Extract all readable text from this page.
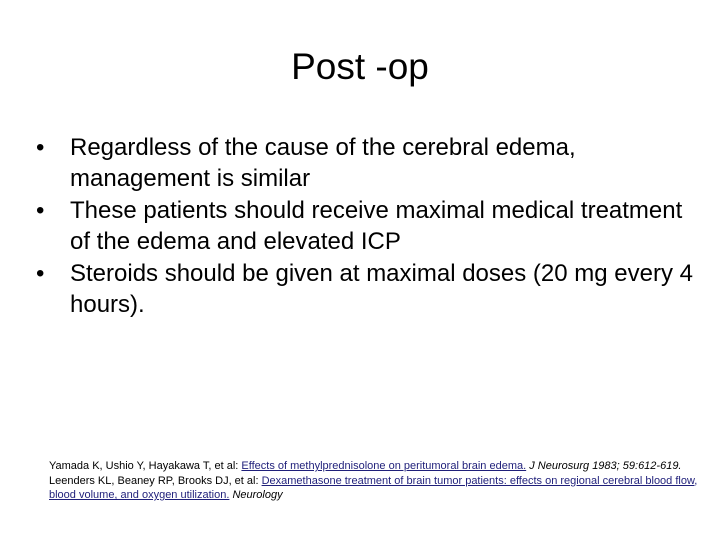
Post -op
•	Regardless of the cause of the cerebral edema, management is similar
•	These patients should receive maximal medical treatment of the edema and elevated ICP
•	Steroids should be given at maximal doses (20 mg every 4 hours).

Yamada K, Ushio Y, Hayakawa T, et al: Effects of methylprednisolone on peritumoral brain edema. J Neurosurg 1983; 59:612-619.

Leenders KL, Beaney RP, Brooks DJ, et al: Dexamethasone treatment of brain tumor patients: effects on regional cerebral blood flow, blood volume, and oxygen utilization. Neurology
